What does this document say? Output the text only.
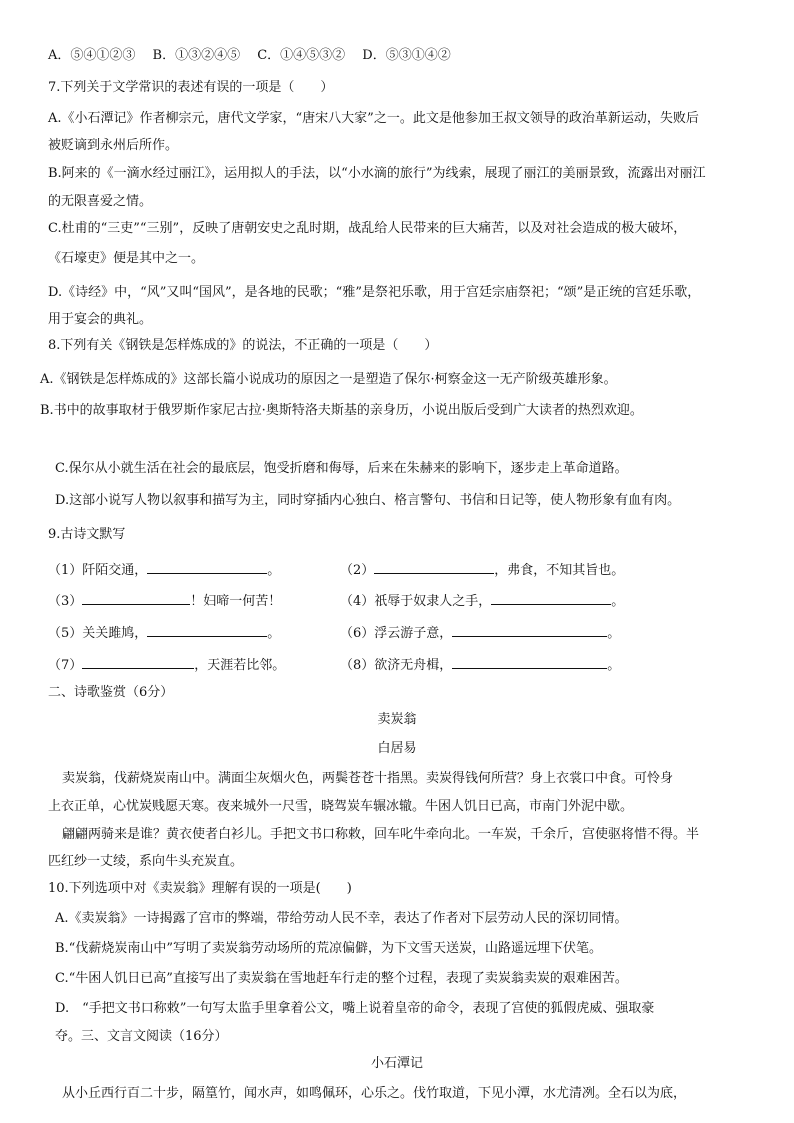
A．⑤④①②③　 B．①③②④⑤　 C．①④⑤③②　 D．⑤③①④②
7.下列关于文学常识的表述有误的一项是（　　）
A.《小石潭记》作者柳宗元，唐代文学家，“唐宋八大家”之一。此文是他参加王叔文领导的政治革新运动，失败后
被贬谪到永州后所作。
B.阿来的《一滴水经过丽江》，运用拟人的手法，以“小水滴的旅行”为线索，展现了丽江的美丽景致，流露出对丽江
的无限喜爱之情。
C.杜甫的“三吏”“三别”，反映了唐朝安史之乱时期，战乱给人民带来的巨大痛苦，以及对社会造成的极大破坏，
《石壕吏》便是其中之一。
D.《诗经》中，“风”又叫“国风”，是各地的民歌；“雅”是祭祀乐歌，用于宫廷宗庙祭祀；“颂”是正统的宫廷乐歌，
用于宴会的典礼。
8.下列有关《钢铁是怎样炼成的》的说法，不正确的一项是（　　）
A.《钢铁是怎样炼成的》这部长篇小说成功的原因之一是塑造了保尔·柯察金这一无产阶级英雄形象。
B.书中的故事取材于俄罗斯作家尼古拉·奥斯特洛夫斯基的亲身历，小说出版后受到广大读者的热烈欢迎。
C.保尔从小就生活在社会的最底层，饱受折磨和侮辱，后来在朱赫来的影响下，逐步走上革命道路。
D.这部小说写人物以叙事和描写为主，同时穿插内心独白、格言警句、书信和日记等，使人物形象有血有肉。
9.古诗文默写
（1）阡陌交通，	。	（2）	，弗食，不知其旨也。
（3）	！妇啼一何苦！	（4）祇辱于奴隶人之手，	。
（5）关关雎鸠，	。	（6）浮云游子意，	。
（7）	，天涯若比邻。	（8）欲济无舟楫，	。
二、诗歌鉴赏（6分）
卖炭翁
白居易
卖炭翁，伐薪烧炭南山中。满面尘灰烟火色，两鬓苍苍十指黑。卖炭得钱何所营？身上衣裳口中食。可怜身
上衣正单，心忧炭贱愿天寒。夜来城外一尺雪，晓驾炭车辗冰辙。牛困人饥日已高，市南门外泥中歇。
翩翩两骑来是谁？黄衣使者白衫儿。手把文书口称敕，回车叱牛牵向北。一车炭，千余斤，宫使驱将惜不得。半
匹红纱一丈绫，系向牛头充炭直。
10.下列选项中对《卖炭翁》理解有误的一项是(　　)
A.《卖炭翁》一诗揭露了宫市的弊端，带给劳动人民不幸，表达了作者对下层劳动人民的深切同情。
B.“伐薪烧炭南山中”写明了卖炭翁劳动场所的荒凉偏僻，为下文雪天送炭，山路遥远埋下伏笔。
C.“牛困人饥日已高”直接写出了卖炭翁在雪地赶车行走的整个过程，表现了卖炭翁卖炭的艰难困苦。
D.　“手把文书口称敕”一句写太监手里拿着公文，嘴上说着皇帝的命令，表现了宫使的狐假虎威、强取豪
夺。三、文言文阅读（16分）
小石潭记
从小丘西行百二十步，隔篁竹，闻水声，如鸣佩环，心乐之。伐竹取道，下见小潭，水尤清冽。全石以为底，
